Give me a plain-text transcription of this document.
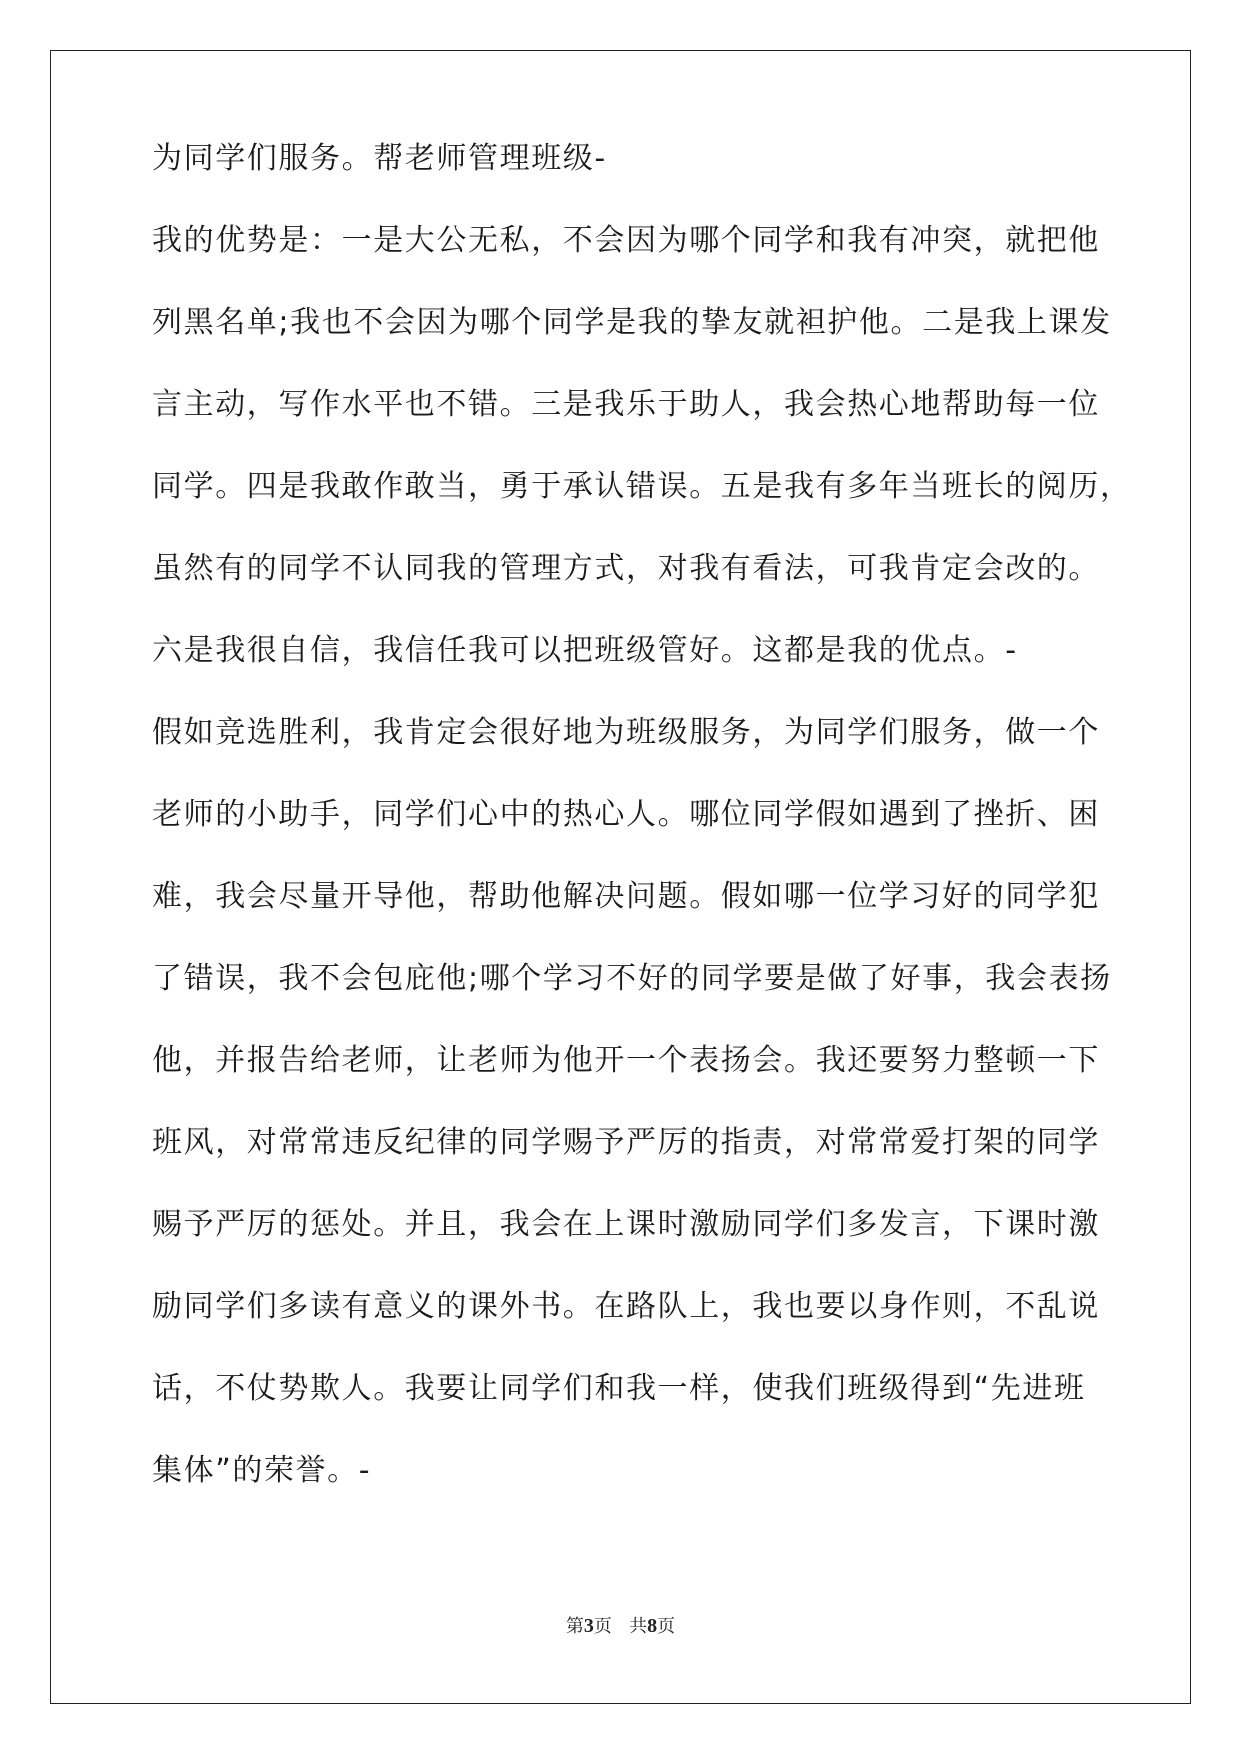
为同学们服务。帮老师管理班级-
我的优势是：一是大公无私，不会因为哪个同学和我有冲突，就把他
列黑名单;我也不会因为哪个同学是我的挚友就袒护他。二是我上课发
言主动，写作水平也不错。三是我乐于助人，我会热心地帮助每一位
同学。四是我敢作敢当，勇于承认错误。五是我有多年当班长的阅历，
虽然有的同学不认同我的管理方式，对我有看法，可我肯定会改的。
六是我很自信，我信任我可以把班级管好。这都是我的优点。-
假如竞选胜利，我肯定会很好地为班级服务，为同学们服务，做一个
老师的小助手，同学们心中的热心人。哪位同学假如遇到了挫折、困
难，我会尽量开导他，帮助他解决问题。假如哪一位学习好的同学犯
了错误，我不会包庇他;哪个学习不好的同学要是做了好事，我会表扬
他，并报告给老师，让老师为他开一个表扬会。我还要努力整顿一下
班风，对常常违反纪律的同学赐予严厉的指责，对常常爱打架的同学
赐予严厉的惩处。并且，我会在上课时激励同学们多发言，下课时激
励同学们多读有意义的课外书。在路队上，我也要以身作则，不乱说
话，不仗势欺人。我要让同学们和我一样，使我们班级得到“先进班
集体”的荣誉。-
第3页 共8页
